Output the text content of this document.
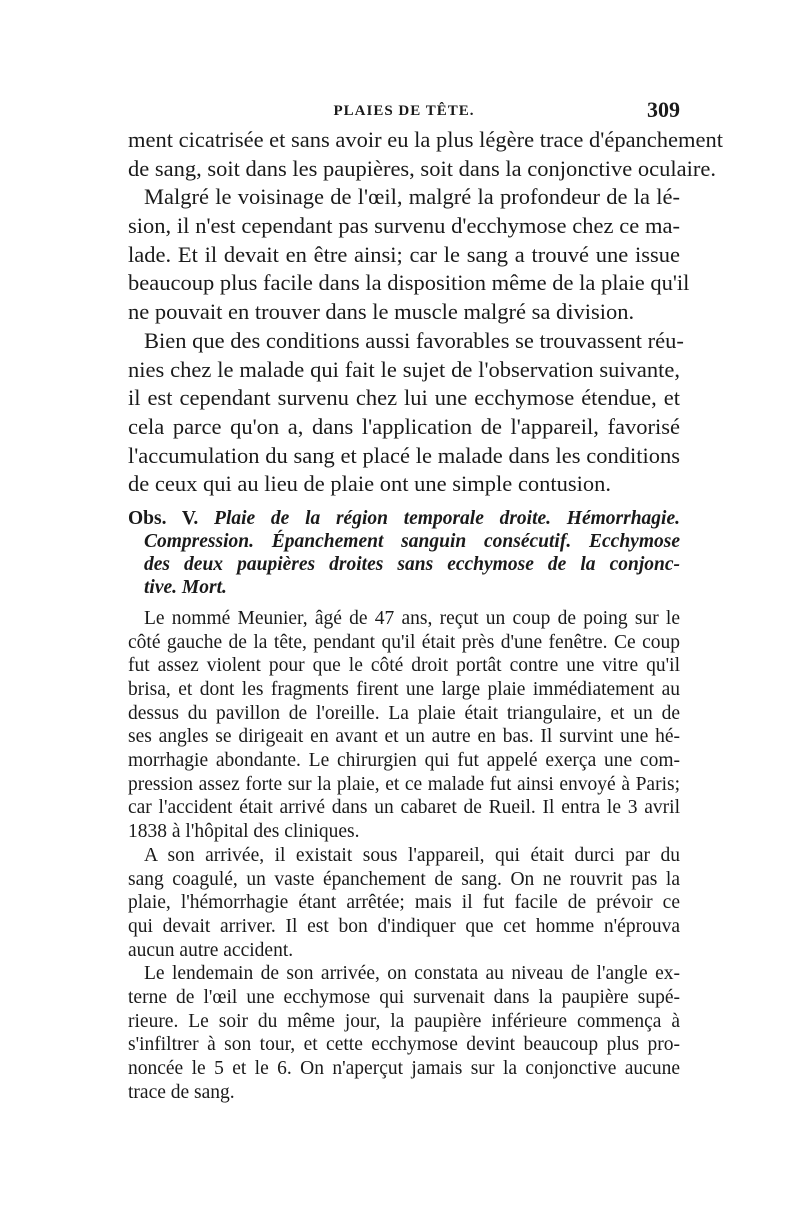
PLAIES DE TÊTE.	309
ment cicatrisée et sans avoir eu la plus légère trace d'épanchement
de sang, soit dans les paupières, soit dans la conjonctive oculaire.
Malgré le voisinage de l'œil, malgré la profondeur de la lé-
sion, il n'est cependant pas survenu d'ecchymose chez ce ma-
lade. Et il devait en être ainsi; car le sang a trouvé une issue
beaucoup plus facile dans la disposition même de la plaie qu'il
ne pouvait en trouver dans le muscle malgré sa division.
Bien que des conditions aussi favorables se trouvassent réu-
nies chez le malade qui fait le sujet de l'observation suivante,
il est cependant survenu chez lui une ecchymose étendue, et
cela parce qu'on a, dans l'application de l'appareil, favorisé
l'accumulation du sang et placé le malade dans les conditions
de ceux qui au lieu de plaie ont une simple contusion.
Obs. V. Plaie de la région temporale droite. Hémorrhagie.
Compression. Épanchement sanguin consécutif. Ecchymose
des deux paupières droites sans ecchymose de la conjonc-
tive. Mort.
Le nommé Meunier, âgé de 47 ans, reçut un coup de poing sur le
côté gauche de la tête, pendant qu'il était près d'une fenêtre. Ce coup
fut assez violent pour que le côté droit portât contre une vitre qu'il
brisa, et dont les fragments firent une large plaie immédiatement au
dessus du pavillon de l'oreille. La plaie était triangulaire, et un de
ses angles se dirigeait en avant et un autre en bas. Il survint une hé-
morrhagie abondante. Le chirurgien qui fut appelé exerça une com-
pression assez forte sur la plaie, et ce malade fut ainsi envoyé à Paris;
car l'accident était arrivé dans un cabaret de Rueil. Il entra le 3 avril
1838 à l'hôpital des cliniques.
A son arrivée, il existait sous l'appareil, qui était durci par du
sang coagulé, un vaste épanchement de sang. On ne rouvrit pas la
plaie, l'hémorrhagie étant arrêtée; mais il fut facile de prévoir ce
qui devait arriver. Il est bon d'indiquer que cet homme n'éprouva
aucun autre accident.
Le lendemain de son arrivée, on constata au niveau de l'angle ex-
terne de l'œil une ecchymose qui survenait dans la paupière supé-
rieure. Le soir du même jour, la paupière inférieure commença à
s'infiltrer à son tour, et cette ecchymose devint beaucoup plus pro-
noncée le 5 et le 6. On n'aperçut jamais sur la conjonctive aucune
trace de sang.
